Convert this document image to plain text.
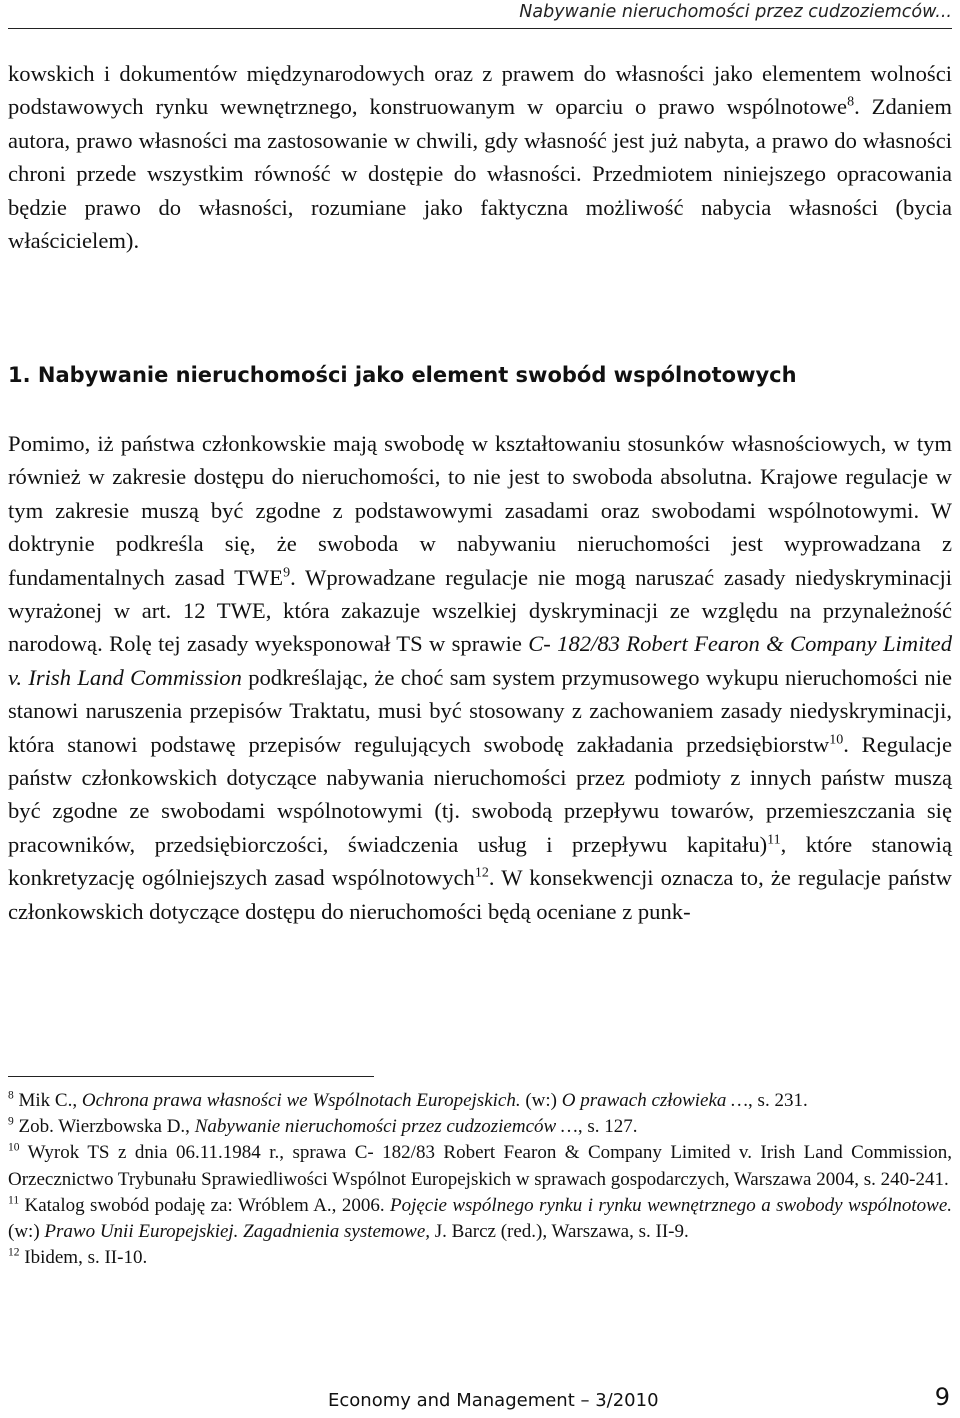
Nabywanie nieruchomości przez cudzoziemców...

kowskich i dokumentów międzynarodowych oraz z prawem do własności jako elementem wolności podstawowych rynku wewnętrznego, konstruowanym w oparciu o prawo wspólnotowe$^8$. Zdaniem autora, prawo własności ma zastosowanie w chwili, gdy własność jest już nabyta, a prawo do własności chroni przede wszystkim równość w dostępie do własności. Przedmiotem niniejszego opracowania będzie prawo do własności, rozumiane jako faktyczna możliwość nabycia własności (bycia właścicielem).

1. Nabywanie nieruchomości jako element swobód wspólnotowych

Pomimo, iż państwa członkowskie mają swobodę w kształtowaniu stosunków własnościowych, w tym również w zakresie dostępu do nieruchomości, to nie jest to swoboda absolutna. Krajowe regulacje w tym zakresie muszą być zgodne z podstawowymi zasadami oraz swobodami wspólnotowymi. W doktrynie podkreśla się, że swoboda w nabywaniu nieruchomości jest wyprowadzana z fundamentalnych zasad TWE$^9$. Wprowadzane regulacje nie mogą naruszać zasady niedyskryminacji wyrażonej w art. 12 TWE, która zakazuje wszelkiej dyskryminacji ze względu na przynależność narodową. Rolę tej zasady wyeksponował TS w sprawie C- 182/83 Robert Fearon & Company Limited v. Irish Land Commission podkreślając, że choć sam system przymusowego wykupu nieruchomości nie stanowi naruszenia przepisów Traktatu, musi być stosowany z zachowaniem zasady niedyskryminacji, która stanowi podstawę przepisów regulujących swobodę zakładania przedsiębiorstw$^{10}$. Regulacje państw członkowskich dotyczące nabywania nieruchomości przez podmioty z innych państw muszą być zgodne ze swobodami wspólnotowymi (tj. swobodą przepływu towarów, przemieszczania się pracowników, przedsiębiorczości, świadczenia usług i przepływu kapitału)$^{11}$, które stanowią konkretyzację ogólniejszych zasad wspólnotowych$^{12}$. W konsekwencji oznacza to, że regulacje państw członkowskich dotyczące dostępu do nieruchomości będą oceniane z punk-

$^8$ Mik C., Ochrona prawa własności we Wspólnotach Europejskich. (w:) O prawach człowieka …, s. 231.

$^9$ Zob. Wierzbowska D., Nabywanie nieruchomości przez cudzoziemców …, s. 127.

$^{10}$ Wyrok TS z dnia 06.11.1984 r., sprawa C- 182/83 Robert Fearon & Company Limited v. Irish Land Commission, Orzecznictwo Trybunału Sprawiedliwości Wspólnot Europejskich w sprawach gospodarczych, Warszawa 2004, s. 240-241.

$^{11}$ Katalog swobód podaję za: Wróblem A., 2006. Pojęcie wspólnego rynku i rynku wewnętrznego a swobody wspólnotowe. (w:) Prawo Unii Europejskiej. Zagadnienia systemowe, J. Barcz (red.), Warszawa, s. II-9.

$^{12}$ Ibidem, s. II-10.

Economy and Management – 3/2010	9
